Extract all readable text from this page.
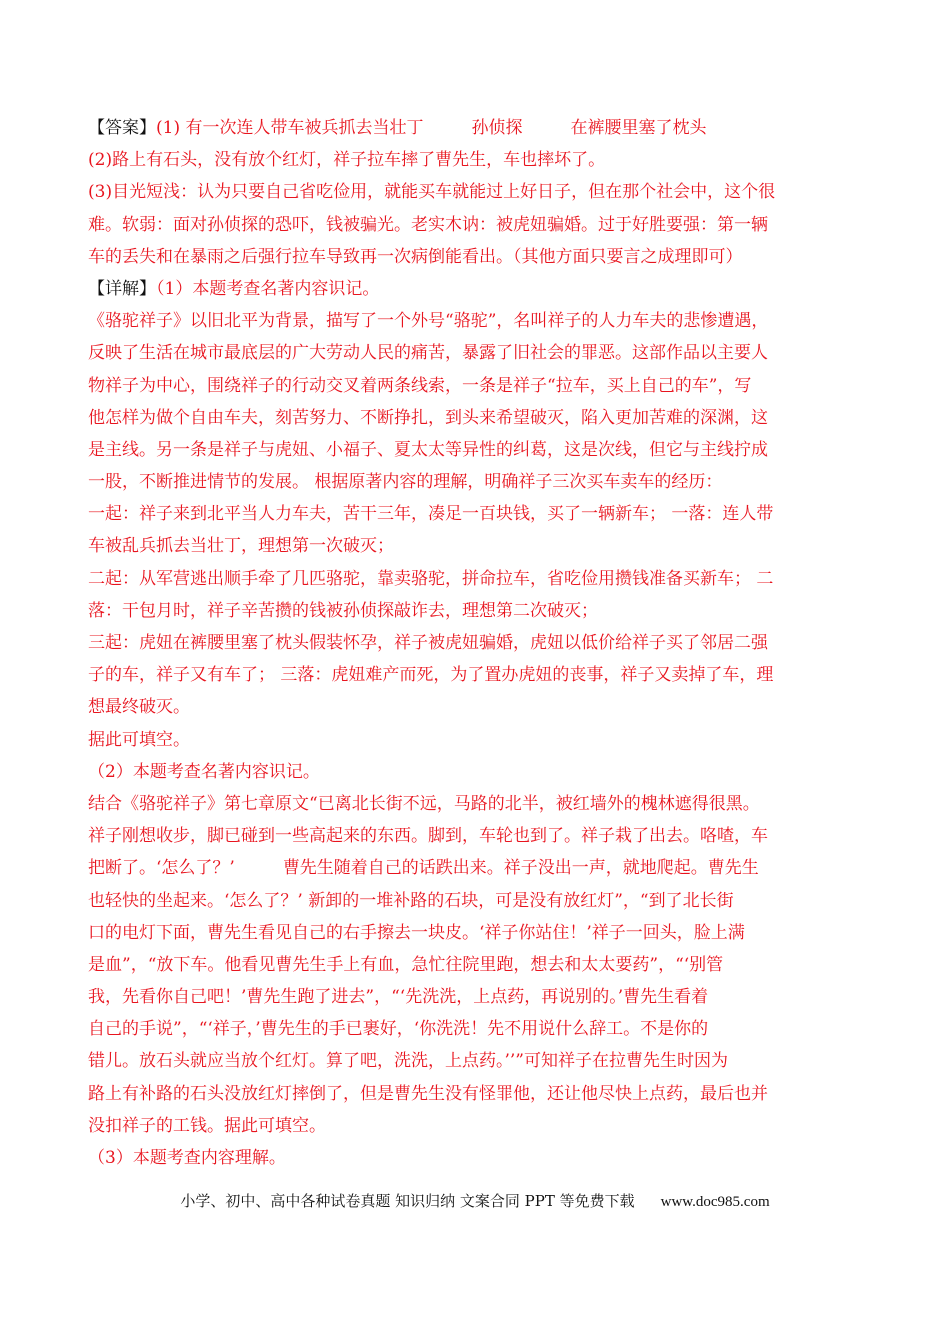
【答案】(1) 有一次连人带车被兵抓去当壮丁	孙侦探	在裤腰里塞了枕头
(2)路上有石头，没有放个红灯，祥子拉车摔了曹先生，车也摔坏了。
(3)目光短浅：认为只要自己省吃俭用，就能买车就能过上好日子，但在那个社会中，这个很
难。软弱：面对孙侦探的恐吓，钱被骗光。老实木讷：被虎妞骗婚。过于好胜要强：第一辆
车的丢失和在暴雨之后强行拉车导致再一次病倒能看出。（其他方面只要言之成理即可）
【详解】（1）本题考查名著内容识记。
《骆驼祥子》以旧北平为背景，描写了一个外号“骆驼”，名叫祥子的人力车夫的悲惨遭遇，
反映了生活在城市最底层的广大劳动人民的痛苦，暴露了旧社会的罪恶。这部作品以主要人
物祥子为中心，围绕祥子的行动交叉着两条线索，一条是祥子“拉车，买上自己的车”，写
他怎样为做个自由车夫，刻苦努力、不断挣扎，到头来希望破灭，陷入更加苦难的深渊，这
是主线。另一条是祥子与虎妞、小福子、夏太太等异性的纠葛，这是次线，但它与主线拧成
一股，不断推进情节的发展。 根据原著内容的理解，明确祥子三次买车卖车的经历：
一起：祥子来到北平当人力车夫，苦干三年，凑足一百块钱，买了一辆新车； 一落：连人带
车被乱兵抓去当壮丁，理想第一次破灭；
二起：从军营逃出顺手牵了几匹骆驼，靠卖骆驼，拼命拉车，省吃俭用攒钱准备买新车； 二
落：干包月时，祥子辛苦攒的钱被孙侦探敲诈去，理想第二次破灭；
三起：虎妞在裤腰里塞了枕头假装怀孕，祥子被虎妞骗婚，虎妞以低价给祥子买了邻居二强
子的车，祥子又有车了； 三落：虎妞难产而死，为了置办虎妞的丧事，祥子又卖掉了车，理
想最终破灭。
据此可填空。
（2）本题考查名著内容识记。
结合《骆驼祥子》第七章原文“已离北长街不远，马路的北半，被红墙外的槐林遮得很黑。
祥子刚想收步，脚已碰到一些高起来的东西。脚到，车轮也到了。祥子栽了出去。咯喳，车
把断了。‘怎么了？’	曹先生随着自己的话跌出来。祥子没出一声，就地爬起。曹先生
也轻快的坐起来。‘怎么了？’ 新卸的一堆补路的石块，可是没有放红灯”，“到了北长街
口的电灯下面，曹先生看见自己的右手擦去一块皮。‘祥子你站住！’祥子一回头，脸上满
是血”，“放下车。他看见曹先生手上有血，急忙往院里跑，想去和太太要药”，“‘别管
我，先看你自己吧！’曹先生跑了进去”，“‘先洗洗，上点药，再说别的。’曹先生看着
自己的手说”，“‘祥子，’曹先生的手已裹好，‘你洗洗！先不用说什么辞工。不是你的
错儿。放石头就应当放个红灯。算了吧，洗洗，上点药。’’”可知祥子在拉曹先生时因为
路上有补路的石头没放红灯摔倒了，但是曹先生没有怪罪他，还让他尽快上点药，最后也并
没扣祥子的工钱。据此可填空。
（3）本题考查内容理解。
小学、初中、高中各种试卷真题 知识归纳 文案合同 PPT 等免费下载 www.doc985.com
